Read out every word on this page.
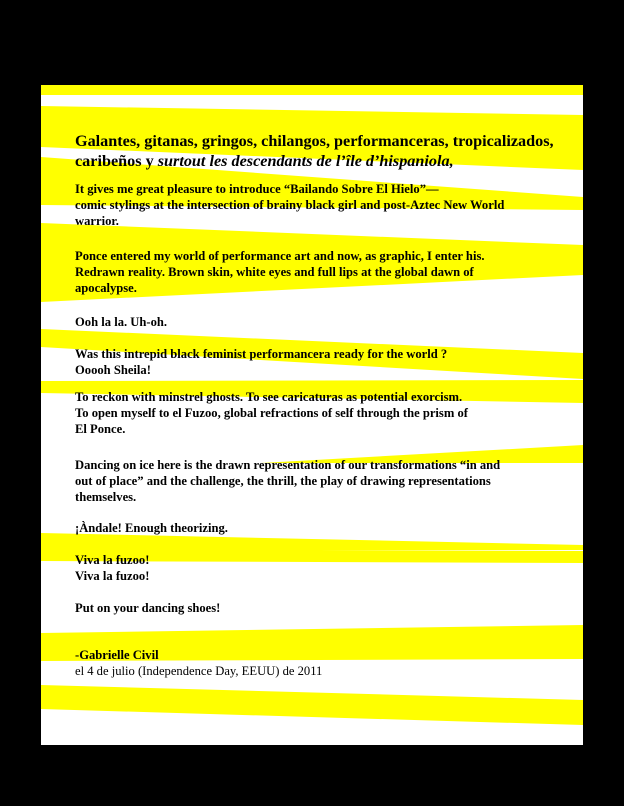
Galantes, gitanas, gringos, chilangos, performanceras, tropicalizados,
caribeños y surtout les descendants de l’île d’hispaniola,
It gives me great pleasure to introduce “Bailando Sobre El Hielo”—
comic stylings at the intersection of brainy black girl and post-Aztec New World
warrior.
Ponce entered my world of performance art and now, as graphic, I enter his.
Redrawn reality. Brown skin, white eyes and full lips at the global dawn of
apocalypse.
Ooh la la. Uh-oh.
Was this intrepid black feminist performancera ready for the world ?
Ooooh Sheila!
To reckon with minstrel ghosts. To see caricaturas as potential exorcism.
To open myself to el Fuzoo, global refractions of self through the prism of
El Ponce.
Dancing on ice here is the drawn representation of our transformations “in and
out of place” and the challenge, the thrill, the play of drawing representations
themselves.
¡Àndale! Enough theorizing.
Viva la fuzoo!
Viva la fuzoo!
Put on your dancing shoes!
-Gabrielle Civil
el 4 de julio (Independence Day, EEUU) de 2011
